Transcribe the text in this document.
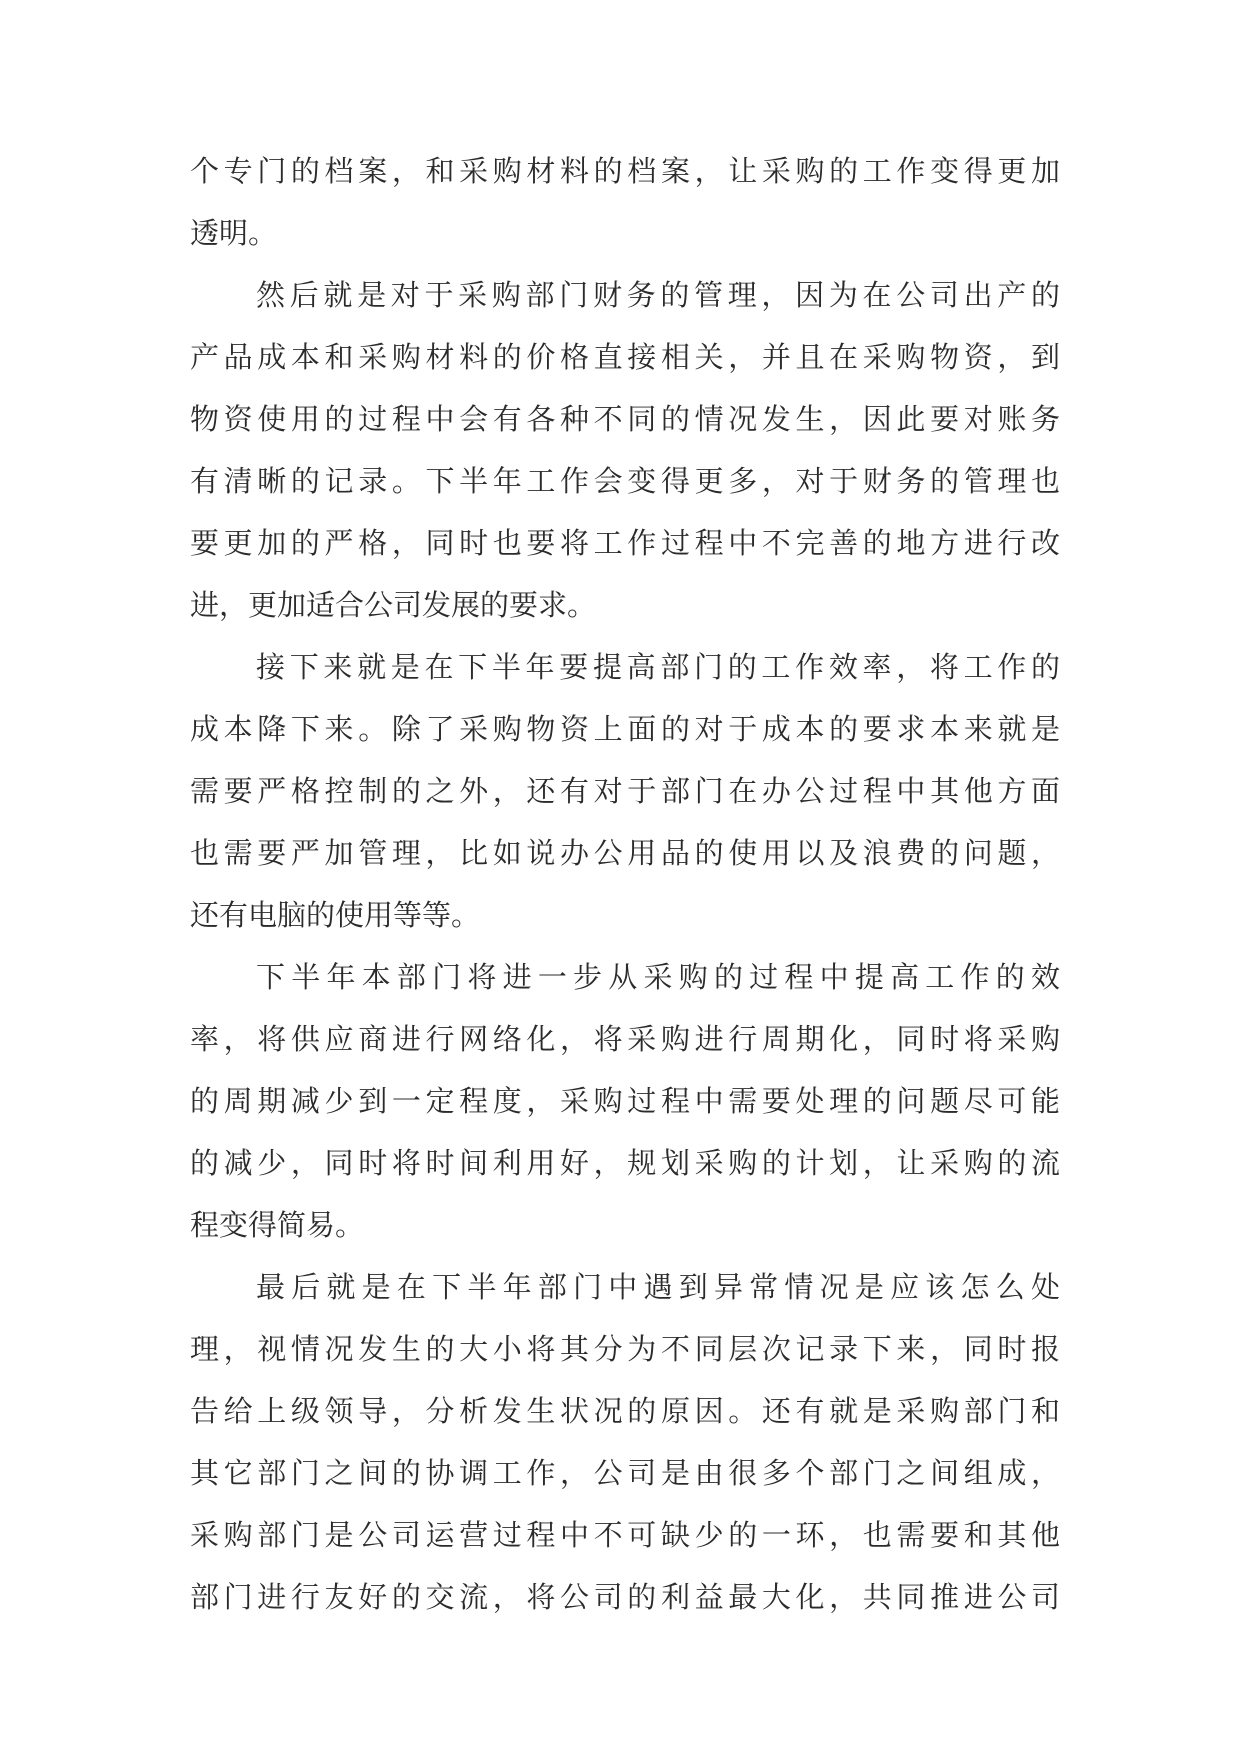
个专门的档案，和采购材料的档案，让采购的工作变得更加
透明。
然后就是对于采购部门财务的管理，因为在公司出产的
产品成本和采购材料的价格直接相关，并且在采购物资，到
物资使用的过程中会有各种不同的情况发生，因此要对账务
有清晰的记录。下半年工作会变得更多，对于财务的管理也
要更加的严格，同时也要将工作过程中不完善的地方进行改
进，更加适合公司发展的要求。
接下来就是在下半年要提高部门的工作效率，将工作的
成本降下来。除了采购物资上面的对于成本的要求本来就是
需要严格控制的之外，还有对于部门在办公过程中其他方面
也需要严加管理，比如说办公用品的使用以及浪费的问题，
还有电脑的使用等等。
下半年本部门将进一步从采购的过程中提高工作的效
率，将供应商进行网络化，将采购进行周期化，同时将采购
的周期减少到一定程度，采购过程中需要处理的问题尽可能
的减少，同时将时间利用好，规划采购的计划，让采购的流
程变得简易。
最后就是在下半年部门中遇到异常情况是应该怎么处
理，视情况发生的大小将其分为不同层次记录下来，同时报
告给上级领导，分析发生状况的原因。还有就是采购部门和
其它部门之间的协调工作，公司是由很多个部门之间组成，
采购部门是公司运营过程中不可缺少的一环，也需要和其他
部门进行友好的交流，将公司的利益最大化，共同推进公司
